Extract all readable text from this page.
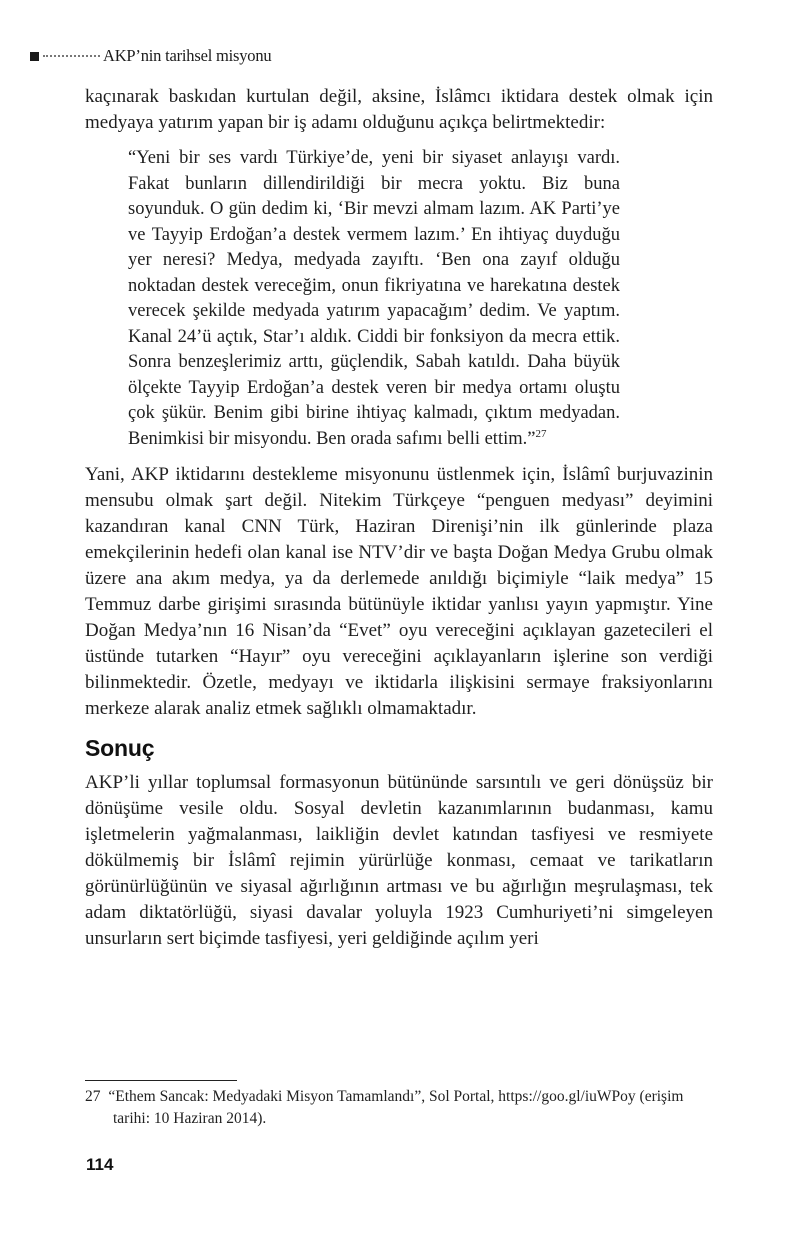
AKP’nin tarihsel misyonu

kaçınarak baskıdan kurtulan değil, aksine, İslâmcı iktidara destek olmak için medyaya yatırım yapan bir iş adamı olduğunu açıkça belirtmektedir:

“Yeni bir ses vardı Türkiye’de, yeni bir siyaset anlayışı vardı. Fakat bunların dillendirildiği bir mecra yoktu. Biz buna soyunduk. O gün dedim ki, ‘Bir mevzi almam lazım. AK Parti’ye ve Tayyip Erdoğan’a destek vermem lazım.’ En ihtiyaç duyduğu yer neresi? Medya, medyada zayıftı. ‘Ben ona zayıf olduğu noktadan destek vereceğim, onun fikriyatına ve harekatına destek verecek şekilde medyada yatırım yapacağım’ dedim. Ve yaptım. Kanal 24’ü açtık, Star’ı aldık. Ciddi bir fonksiyon da mecra ettik. Sonra benzeşlerimiz arttı, güçlendik, Sabah katıldı. Daha büyük ölçekte Tayyip Erdoğan’a destek veren bir medya ortamı oluştu çok şükür. Benim gibi birine ihtiyaç kalmadı, çıktım medyadan. Benimkisi bir misyondu. Ben orada safımı belli ettim.”$^{27}$

Yani, AKP iktidarını destekleme misyonunu üstlenmek için, İslâmî burjuvazinin mensubu olmak şart değil. Nitekim Türkçeye “penguen medyası” deyimini kazandıran kanal CNN Türk, Haziran Direnişi’nin ilk günlerinde plaza emekçilerinin hedefi olan kanal ise NTV’dir ve başta Doğan Medya Grubu olmak üzere ana akım medya, ya da derlemede anıldığı biçimiyle “laik medya” 15 Temmuz darbe girişimi sırasında bütünüyle iktidar yanlısı yayın yapmıştır. Yine Doğan Medya’nın 16 Nisan’da “Evet” oyu vereceğini açıklayan gazetecileri el üstünde tutarken “Hayır” oyu vereceğini açıklayanların işlerine son verdiği bilinmektedir. Özetle, medyayı ve iktidarla ilişkisini sermaye fraksiyonlarını merkeze alarak analiz etmek sağlıklı olmamaktadır.

Sonuç

AKP’li yıllar toplumsal formasyonun bütününde sarsıntılı ve geri dönüşsüz bir dönüşüme vesile oldu. Sosyal devletin kazanımlarının budanması, kamu işletmelerin yağmalanması, laikliğin devlet katından tasfiyesi ve resmiyete dökülmemiş bir İslâmî rejimin yürürlüğe konması, cemaat ve tarikatların görünürlüğünün ve siyasal ağırlığının artması ve bu ağırlığın meşrulaşması, tek adam diktatörlüğü, siyasi davalar yoluyla 1923 Cumhuriyeti’ni simgeleyen unsurların sert biçimde tasfiyesi, yeri geldiğinde açılım yeri

27 “Ethem Sancak: Medyadaki Misyon Tamamlandı”, Sol Portal, https://goo.gl/iuWPoy (erişim tarihi: 10 Haziran 2014).
114
